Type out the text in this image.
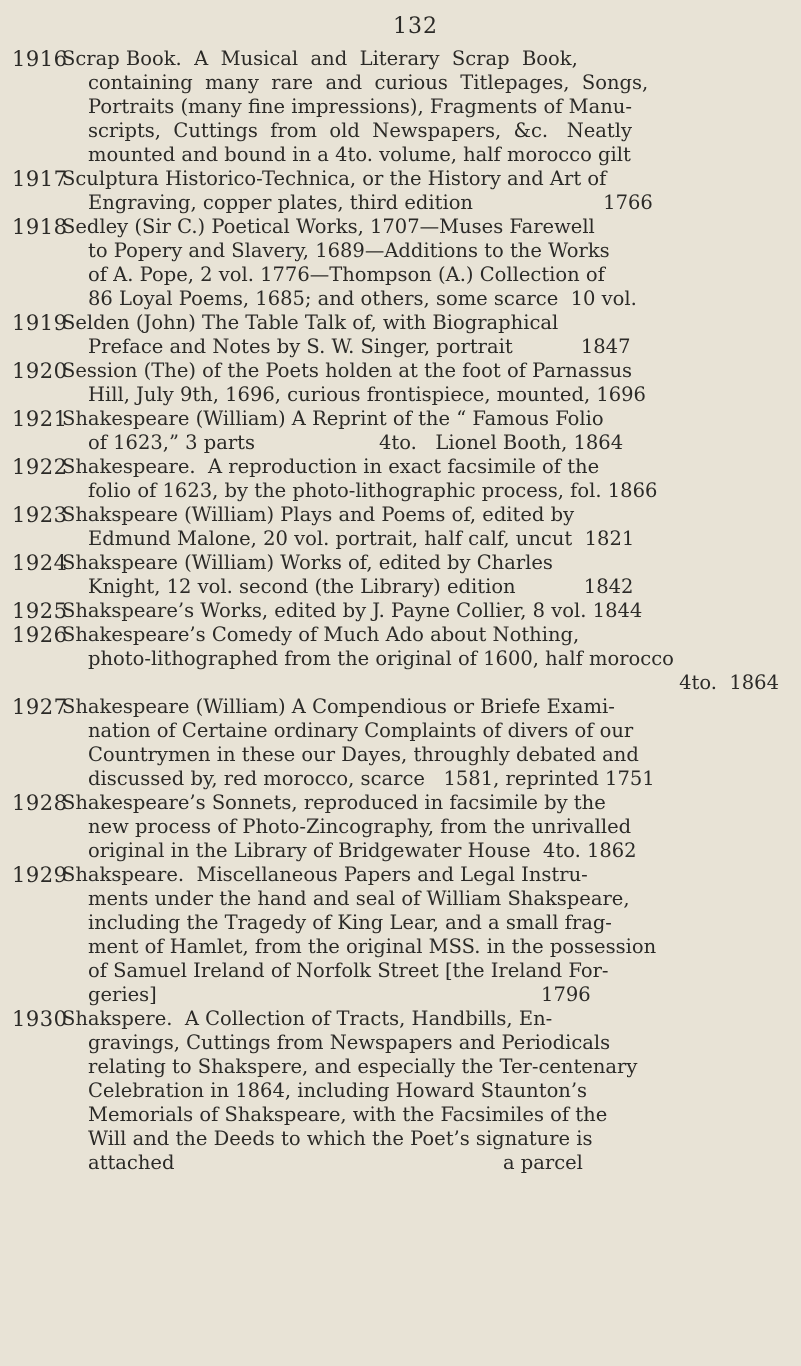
132
1916
Scrap Book.  A  Musical  and  Literary  Scrap  Book,
containing  many  rare  and  curious  Titlepages,  Songs,
Portraits (many fine impressions), Fragments of Manu-
scripts,  Cuttings  from  old  Newspapers,  &c.   Neatly
mounted and bound in a 4to. volume, half morocco gilt
1917
Sculptura Historico-Technica, or the History and Art of
Engraving, copper plates, third edition                     1766
1918
Sedley (Sir C.) Poetical Works, 1707—Muses Farewell
to Popery and Slavery, 1689—Additions to the Works
of A. Pope, 2 vol. 1776—Thompson (A.) Collection of
86 Loyal Poems, 1685; and others, some scarce  10 vol.
1919
Selden (John) The Table Talk of, with Biographical
Preface and Notes by S. W. Singer, portrait           1847
1920
Session (The) of the Poets holden at the foot of Parnassus
Hill, July 9th, 1696, curious frontispiece, mounted, 1696
1921
Shakespeare (William) A Reprint of the “ Famous Folio
of 1623,” 3 parts                    4to.   Lionel Booth, 1864
1922
Shakespeare.  A reproduction in exact facsimile of the
folio of 1623, by the photo-lithographic process, fol. 1866
1923
Shakspeare (William) Plays and Poems of, edited by
Edmund Malone, 20 vol. portrait, half calf, uncut  1821
1924
Shakspeare (William) Works of, edited by Charles
Knight, 12 vol. second (the Library) edition           1842
1925
Shakspeare’s Works, edited by J. Payne Collier, 8 vol. 1844
1926
Shakespeare’s Comedy of Much Ado about Nothing,
photo-lithographed from the original of 1600, half morocco
4to.  1864
1927
Shakespeare (William) A Compendious or Briefe Exami-
nation of Certaine ordinary Complaints of divers of our
Countrymen in these our Dayes, throughly debated and
discussed by, red morocco, scarce   1581, reprinted 1751
1928
Shakespeare’s Sonnets, reproduced in facsimile by the
new process of Photo-Zincography, from the unrivalled
original in the Library of Bridgewater House  4to. 1862
1929
Shakspeare.  Miscellaneous Papers and Legal Instru-
ments under the hand and seal of William Shakspeare,
including the Tragedy of King Lear, and a small frag-
ment of Hamlet, from the original MSS. in the possession
of Samuel Ireland of Norfolk Street [the Ireland For-
geries]                                                              1796
1930
Shakspere.  A Collection of Tracts, Handbills, En-
gravings, Cuttings from Newspapers and Periodicals
relating to Shakspere, and especially the Ter-centenary
Celebration in 1864, including Howard Staunton’s
Memorials of Shakspeare, with the Facsimiles of the
Will and the Deeds to which the Poet’s signature is
attached                                                     a parcel
